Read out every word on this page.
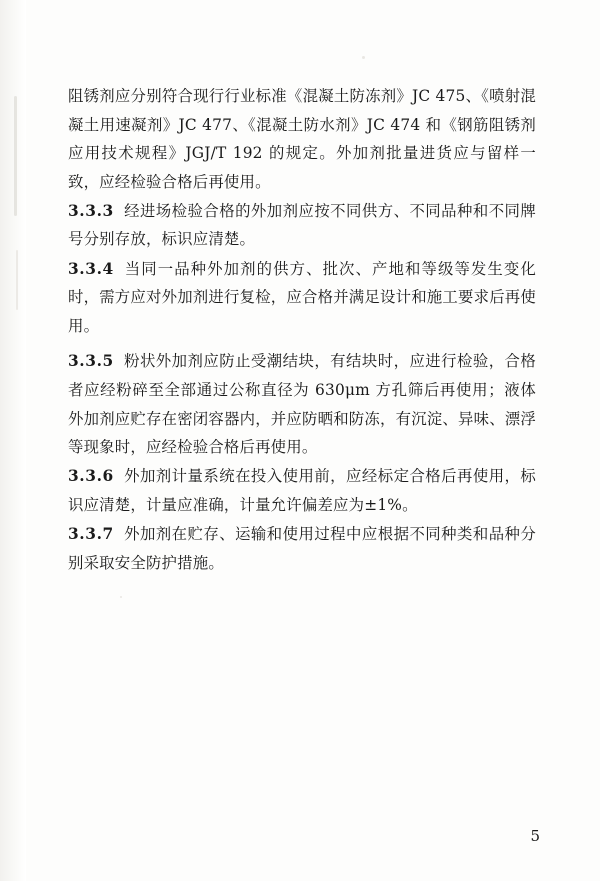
阻锈剂应分别符合现行行业标准《混凝土防冻剂》JC 475、《喷射混凝土用速凝剂》JC 477、《混凝土防水剂》JC 474 和《钢筋阻锈剂应用技术规程》JGJ/T 192 的规定。外加剂批量进货应与留样一致，应经检验合格后再使用。

3.3.3 经进场检验合格的外加剂应按不同供方、不同品种和不同牌号分别存放，标识应清楚。

3.3.4 当同一品种外加剂的供方、批次、产地和等级等发生变化时，需方应对外加剂进行复检，应合格并满足设计和施工要求后再使用。

3.3.5 粉状外加剂应防止受潮结块，有结块时，应进行检验，合格者应经粉碎至全部通过公称直径为 630μm 方孔筛后再使用；液体外加剂应贮存在密闭容器内，并应防晒和防冻，有沉淀、异味、漂浮等现象时，应经检验合格后再使用。

3.3.6 外加剂计量系统在投入使用前，应经标定合格后再使用，标识应清楚，计量应准确，计量允许偏差应为±1%。

3.3.7 外加剂在贮存、运输和使用过程中应根据不同种类和品种分别采取安全防护措施。

5
